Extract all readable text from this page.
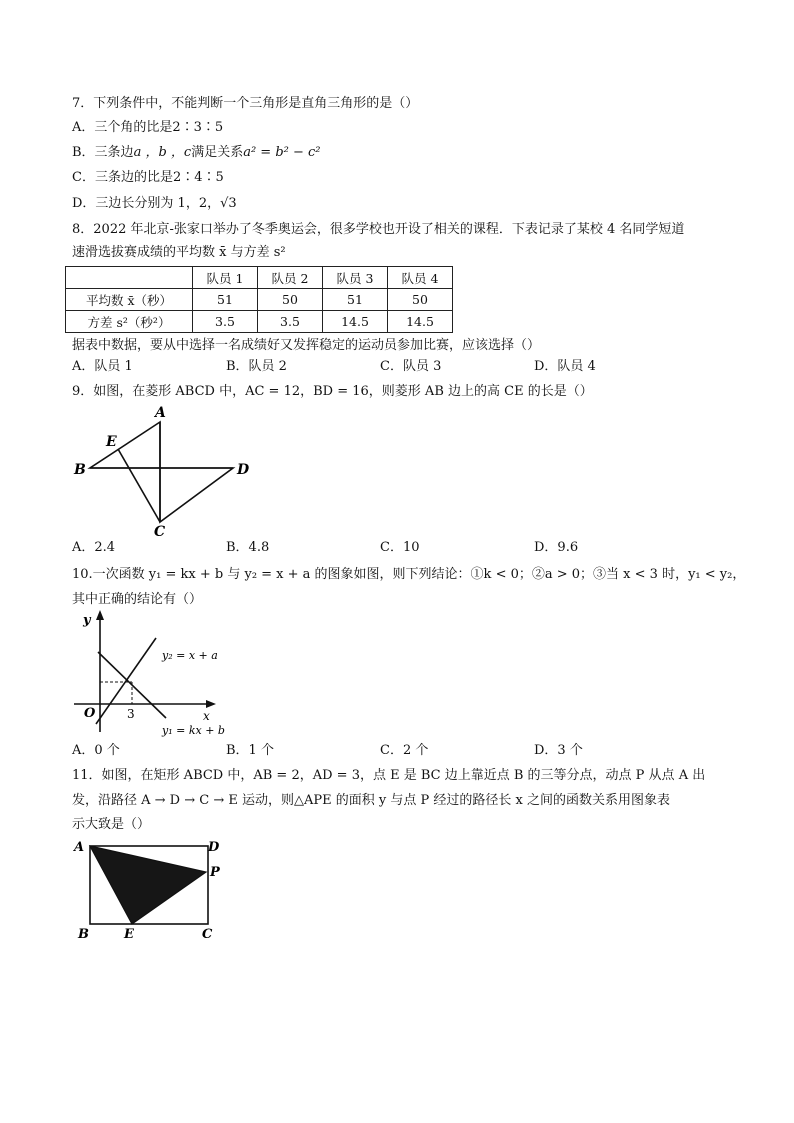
7．下列条件中，不能判断一个三角形是直角三角形的是（）
A．三个角的比是2∶3∶5
B．三条边a ，b ，c满足关系a² = b² − c²
C．三条边的比是2∶4∶5
D．三边长分别为 1，2，√3
8．2022 年北京-张家口举办了冬季奥运会，很多学校也开设了相关的课程．下表记录了某校 4 名同学短道
速滑选拔赛成绩的平均数 x̄ 与方差 s²
	队员 1	队员 2	队员 3	队员 4
平均数 x̄（秒）	51	50	51	50
方差 s²（秒²）	3.5	3.5	14.5	14.5
据表中数据，要从中选择一名成绩好又发挥稳定的运动员参加比赛，应该选择（）
A．队员 1	B．队员 2	C．队员 3	D．队员 4
9．如图，在菱形 ABCD 中，AC = 12，BD = 16，则菱形 AB 边上的高 CE 的长是（）
A
B	D
C
E
A．2.4	B．4.8	C．10	D．9.6
10.一次函数 y₁ = kx + b 与 y₂ = x + a 的图象如图，则下列结论：①k < 0；②a > 0；③当 x < 3 时，y₁ < y₂，
其中正确的结论有（）
y
x
O	3
y₂ = x + a
y₁ = kx + b
A．0 个	B．1 个	C．2 个	D．3 个
11．如图，在矩形 ABCD 中，AB = 2，AD = 3，点 E 是 BC 边上靠近点 B 的三等分点，动点 P 从点 A 出
发，沿路径 A → D → C → E 运动，则△APE 的面积 y 与点 P 经过的路径长 x 之间的函数关系用图象表
示大致是（）
A	D
P
B	E	C
